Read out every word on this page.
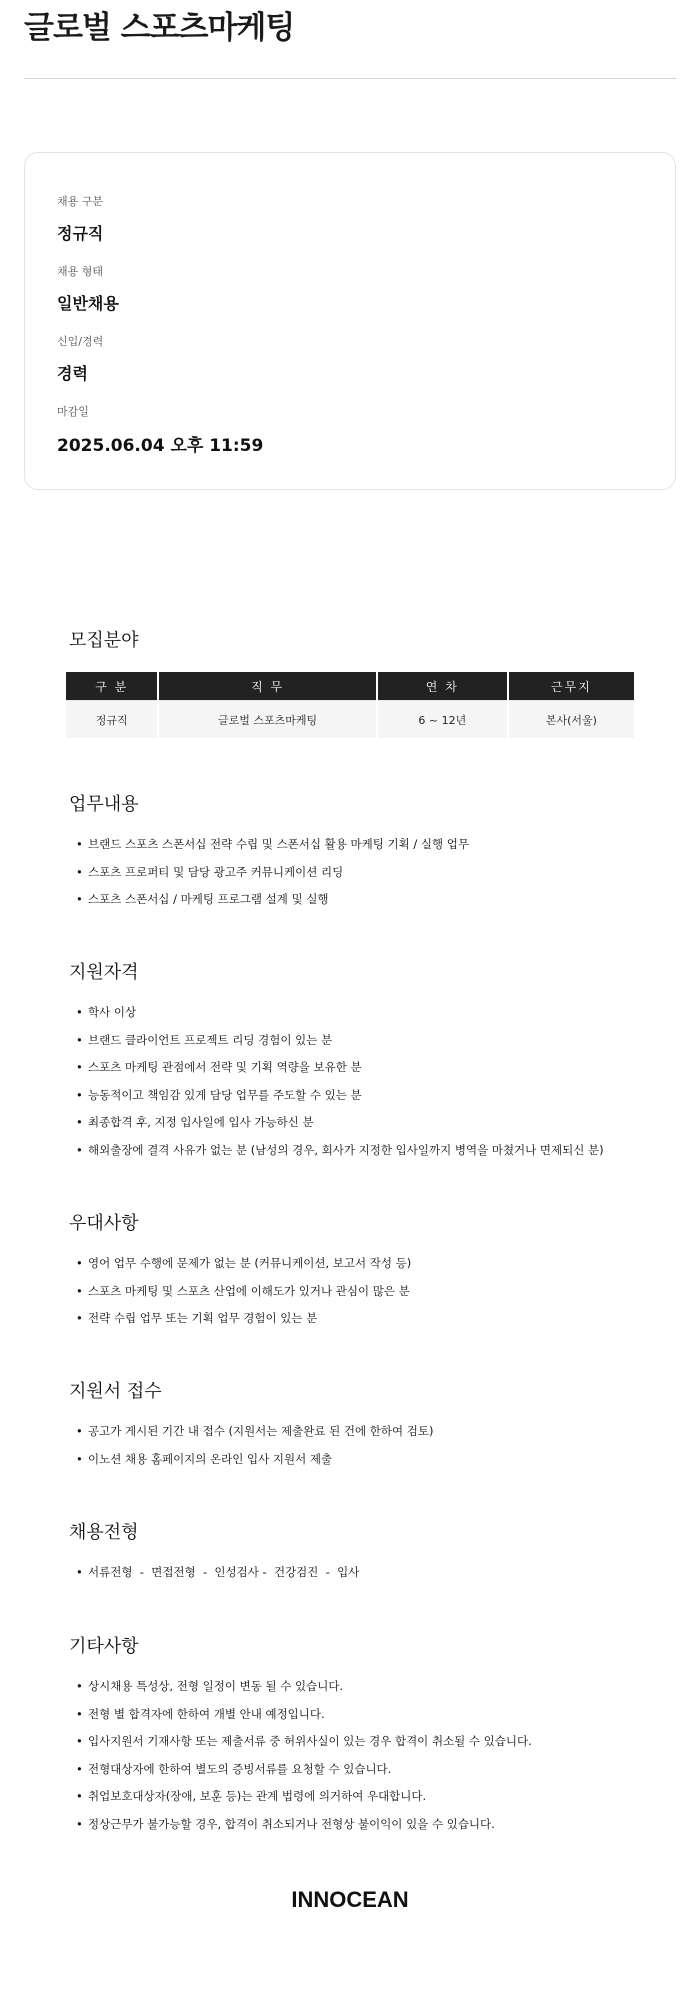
글로벌 스포츠마케팅
채용 구분
정규직
채용 형태
일반채용
신입/경력
경력
마감일
2025.06.04 오후 11:59
모집분야
구 분	직 무	연 차	근무지
정규직	글로벌 스포츠마케팅	6 ~ 12년	본사(서울)
업무내용
• 브랜드 스포츠 스폰서십 전략 수립 및 스폰서십 활용 마케팅 기획 / 실행 업무
• 스포츠 프로퍼티 및 담당 광고주 커뮤니케이션 리딩
• 스포츠 스폰서십 / 마케팅 프로그램 설계 및 실행
지원자격
• 학사 이상
• 브랜드 클라이언트 프로젝트 리딩 경험이 있는 분
• 스포츠 마케팅 관점에서 전략 및 기획 역량을 보유한 분
• 능동적이고 책임감 있게 담당 업무를 주도할 수 있는 분
• 최종합격 후, 지정 입사일에 입사 가능하신 분
• 해외출장에 결격 사유가 없는 분 (남성의 경우, 회사가 지정한 입사일까지 병역을 마쳤거나 면제되신 분)
우대사항
• 영어 업무 수행에 문제가 없는 분 (커뮤니케이션, 보고서 작성 등)
• 스포츠 마케팅 및 스포츠 산업에 이해도가 있거나 관심이 많은 분
• 전략 수립 업무 또는 기획 업무 경험이 있는 분
지원서 접수
• 공고가 게시된 기간 내 접수 (지원서는 제출완료 된 건에 한하여 검토)
• 이노션 채용 홈페이지의 온라인 입사 지원서 제출
채용전형
• 서류전형  -  면접전형  -  인성검사 -  건강검진  -  입사
기타사항
• 상시채용 특성상, 전형 일정이 변동 될 수 있습니다.
• 전형 별 합격자에 한하여 개별 안내 예정입니다.
• 입사지원서 기재사항 또는 제출서류 중 허위사실이 있는 경우 합격이 취소될 수 있습니다.
• 전형대상자에 한하여 별도의 증빙서류를 요청할 수 있습니다.
• 취업보호대상자(장애, 보훈 등)는 관계 법령에 의거하여 우대합니다.
• 정상근무가 불가능할 경우, 합격이 취소되거나 전형상 불이익이 있을 수 있습니다.
INNOCEAN
